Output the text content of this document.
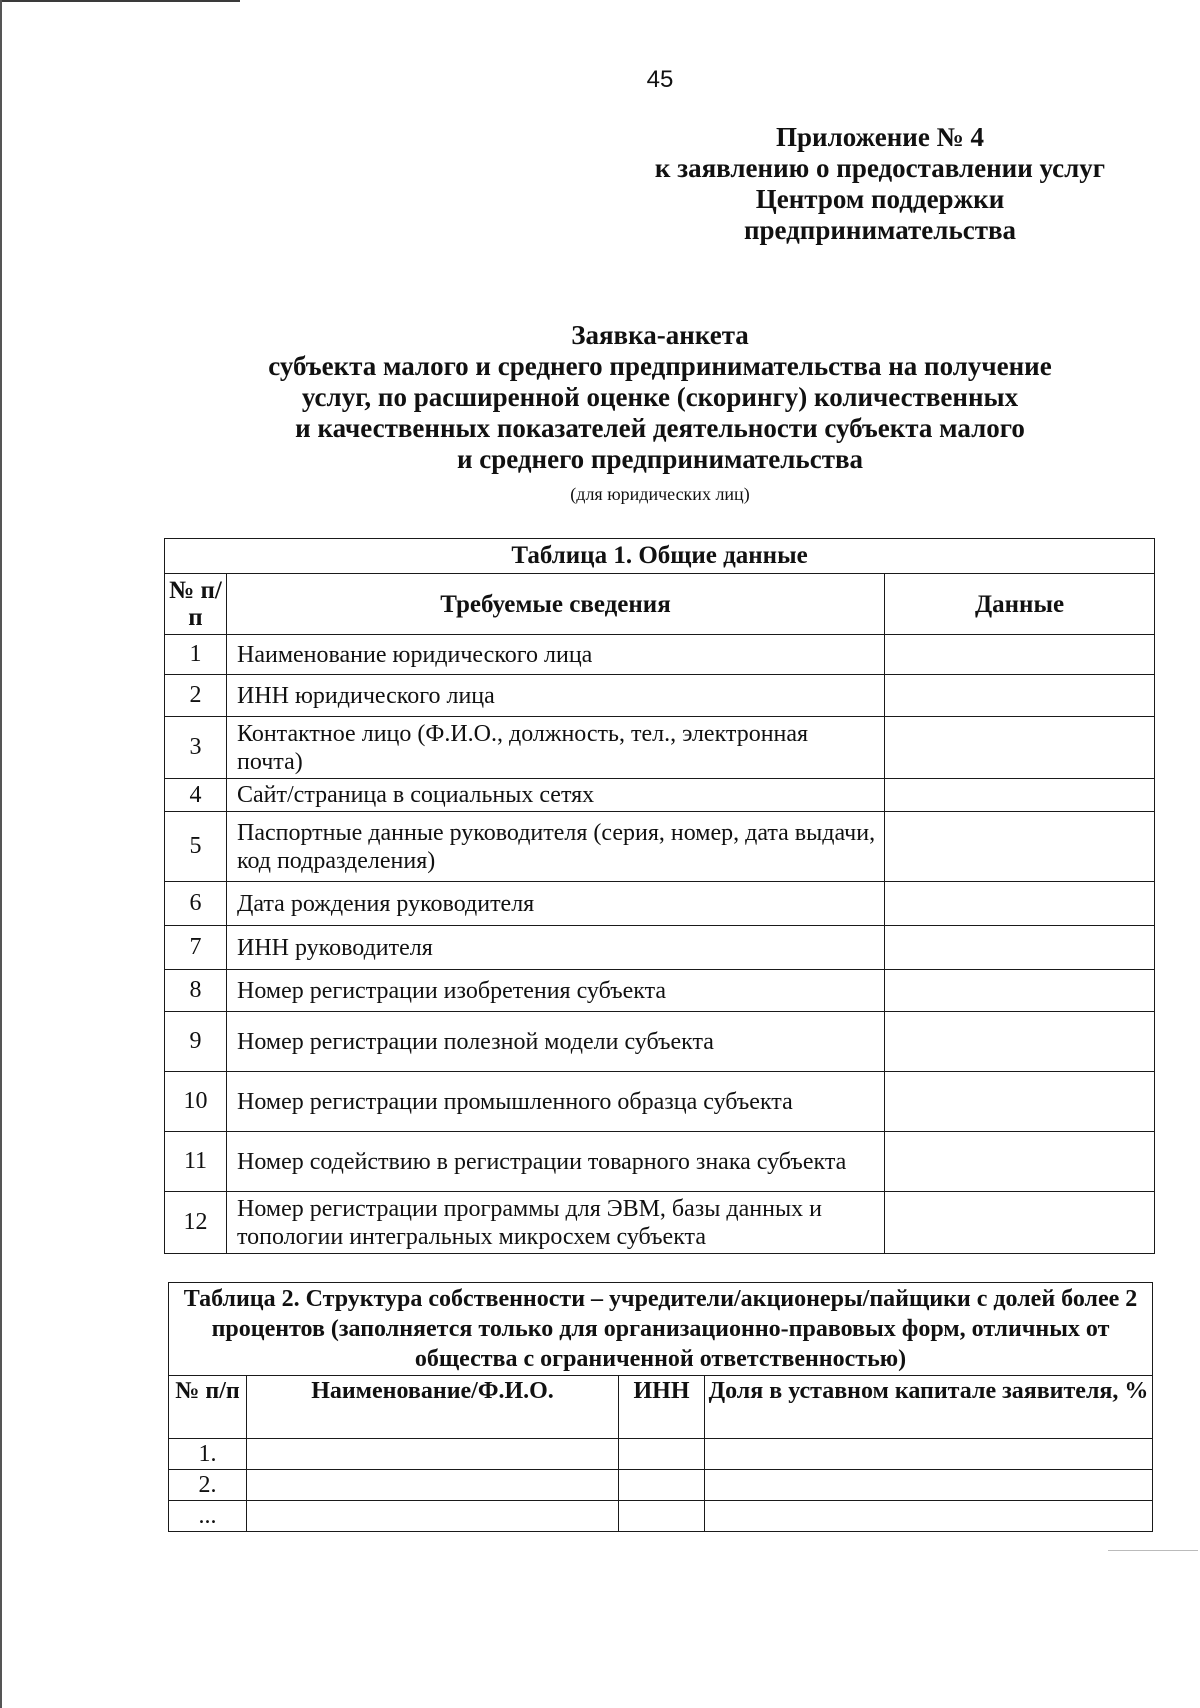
45
Приложение № 4
к заявлению о предоставлении услуг
Центром поддержки
предпринимательства
Заявка-анкета
субъекта малого и среднего предпринимательства на получение
услуг, по расширенной оценке (скорингу) количественных
и качественных показателей деятельности субъекта малого
и среднего предпринимательства
(для юридических лиц)
Таблица 1. Общие данные		
№ п/п	Требуемые сведения	Данные
1	Наименование юридического лица	
2	ИНН юридического лица	
3	Контактное лицо (Ф.И.О., должность, тел., электронная почта)	
4	Сайт/страница в социальных сетях	
5	Паспортные данные руководителя (серия, номер, дата выдачи, код подразделения)	
6	Дата рождения руководителя	
7	ИНН руководителя	
8	Номер регистрации изобретения субъекта	
9	Номер регистрации полезной модели субъекта	
10	Номер регистрации промышленного образца субъекта	
11	Номер содействию в регистрации товарного знака субъекта	
12	Номер регистрации программы для ЭВМ, базы данных и топологии интегральных микросхем субъекта	
Таблица 2. Структура собственности – учредители/акционеры/пайщики с долей более 2 процентов (заполняется только для организационно-правовых форм, отличных от общества с ограниченной ответственностью)			
№ п/п	Наименование/Ф.И.О.	ИНН	Доля в уставном капитале заявителя, %
1.			
2.			
...			
